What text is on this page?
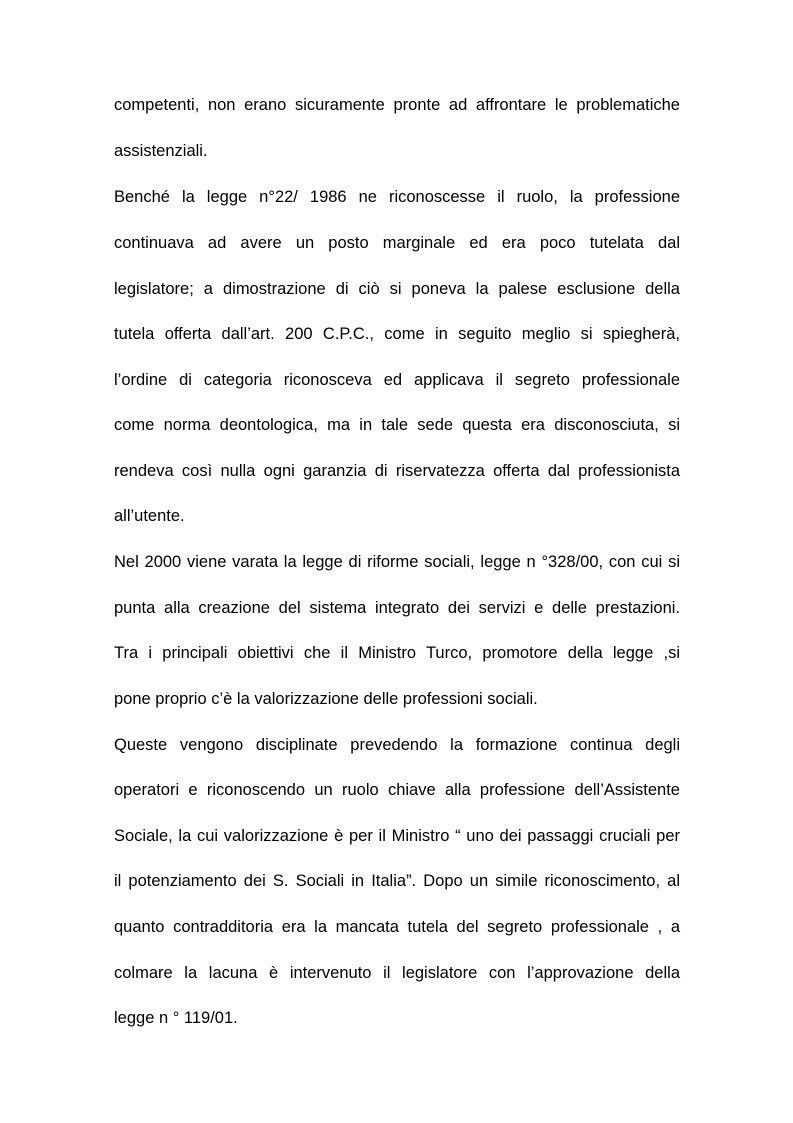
competenti, non erano sicuramente pronte ad affrontare le problematiche
assistenziali.
Benché la legge n°22/ 1986 ne riconoscesse il ruolo, la professione
continuava ad avere un posto marginale ed era poco tutelata dal
legislatore; a dimostrazione di ciò si poneva la palese esclusione della
tutela offerta dall’art. 200 C.P.C., come in seguito meglio si spiegherà,
l’ordine di categoria riconosceva ed applicava il segreto professionale
come norma deontologica, ma in tale sede questa era disconosciuta, si
rendeva così nulla ogni garanzia di riservatezza offerta dal professionista
all’utente.
Nel 2000 viene varata la legge di riforme sociali, legge n °328/00, con cui si
punta alla creazione del sistema integrato dei servizi e delle prestazioni.
Tra i principali obiettivi che il Ministro Turco, promotore della legge ,si
pone proprio c’è la valorizzazione delle professioni sociali.
Queste vengono disciplinate prevedendo la formazione continua degli
operatori e riconoscendo un ruolo chiave alla professione dell’Assistente
Sociale, la cui valorizzazione è per il Ministro “ uno dei passaggi cruciali per
il potenziamento dei S. Sociali in Italia”. Dopo un simile riconoscimento, al
quanto contradditoria era la mancata tutela del segreto professionale , a
colmare la lacuna è intervenuto il legislatore con l’approvazione della
legge n ° 119/01.
